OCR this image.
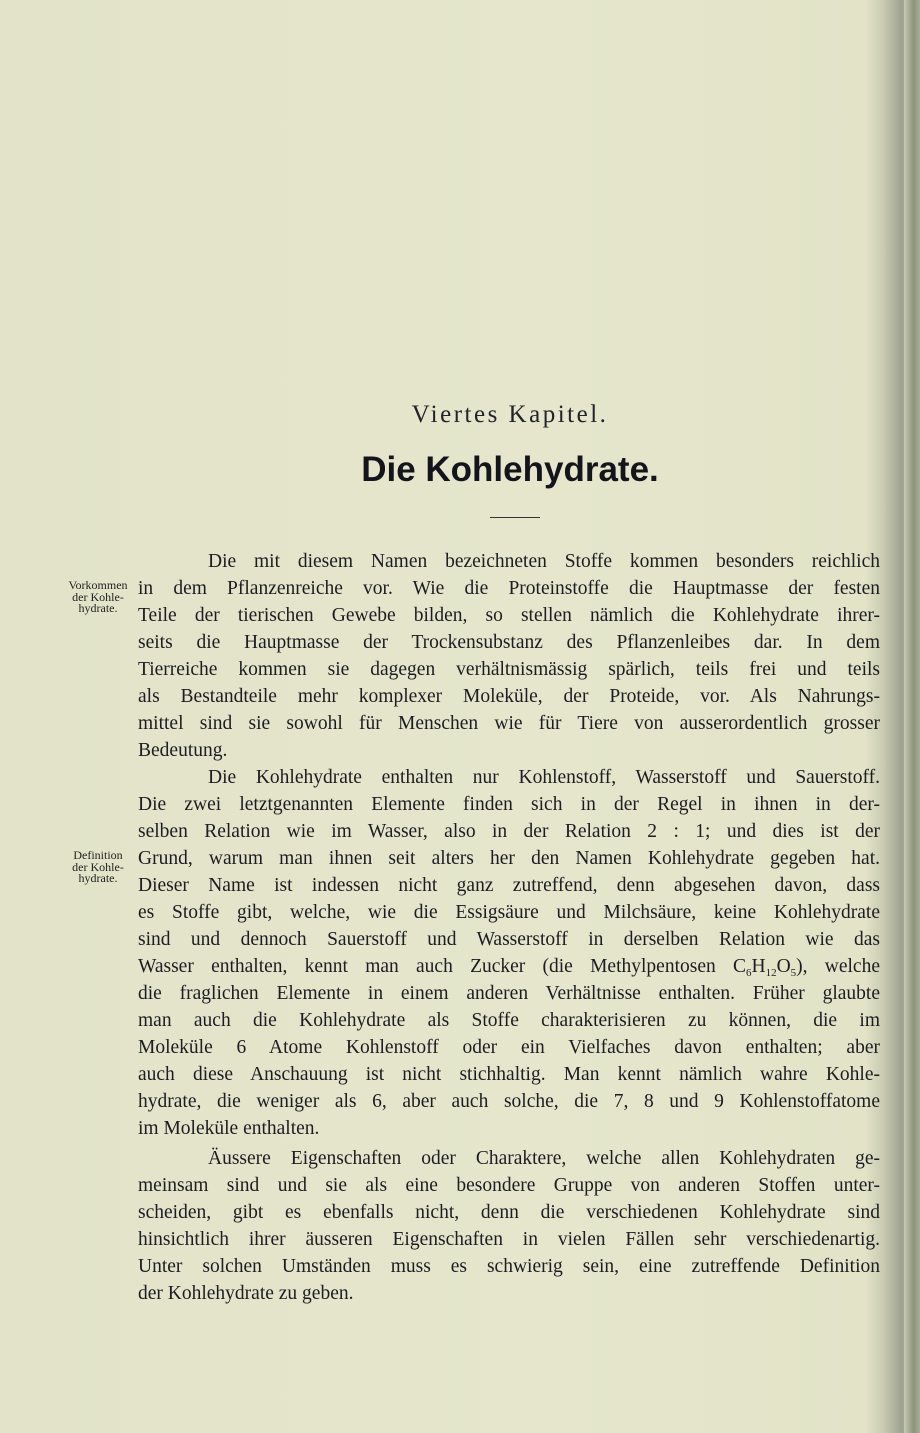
Viertes Kapitel.
Die Kohlehydrate.
Vorkommen
der Kohle-
hydrate.
Definition
der Kohle-
hydrate.
Die mit diesem Namen bezeichneten Stoffe kommen besonders reichlich
in dem Pflanzenreiche vor. Wie die Proteinstoffe die Hauptmasse der festen
Teile der tierischen Gewebe bilden, so stellen nämlich die Kohlehydrate ihrer-
seits die Hauptmasse der Trockensubstanz des Pflanzenleibes dar. In dem
Tierreiche kommen sie dagegen verhältnismässig spärlich, teils frei und teils
als Bestandteile mehr komplexer Moleküle, der Proteide, vor. Als Nahrungs-
mittel sind sie sowohl für Menschen wie für Tiere von ausserordentlich grosser
Bedeutung.
Die Kohlehydrate enthalten nur Kohlenstoff, Wasserstoff und Sauerstoff.
Die zwei letztgenannten Elemente finden sich in der Regel in ihnen in der-
selben Relation wie im Wasser, also in der Relation 2 : 1; und dies ist der
Grund, warum man ihnen seit alters her den Namen Kohlehydrate gegeben hat.
Dieser Name ist indessen nicht ganz zutreffend, denn abgesehen davon, dass
es Stoffe gibt, welche, wie die Essigsäure und Milchsäure, keine Kohlehydrate
sind und dennoch Sauerstoff und Wasserstoff in derselben Relation wie das
Wasser enthalten, kennt man auch Zucker (die Methylpentosen $C_6H_{12}O_5$), welche
die fraglichen Elemente in einem anderen Verhältnisse enthalten. Früher glaubte
man auch die Kohlehydrate als Stoffe charakterisieren zu können, die im
Moleküle 6 Atome Kohlenstoff oder ein Vielfaches davon enthalten; aber
auch diese Anschauung ist nicht stichhaltig. Man kennt nämlich wahre Kohle-
hydrate, die weniger als 6, aber auch solche, die 7, 8 und 9 Kohlenstoffatome
im Moleküle enthalten.
Äussere Eigenschaften oder Charaktere, welche allen Kohlehydraten ge-
meinsam sind und sie als eine besondere Gruppe von anderen Stoffen unter-
scheiden, gibt es ebenfalls nicht, denn die verschiedenen Kohlehydrate sind
hinsichtlich ihrer äusseren Eigenschaften in vielen Fällen sehr verschiedenartig.
Unter solchen Umständen muss es schwierig sein, eine zutreffende Definition
der Kohlehydrate zu geben.
